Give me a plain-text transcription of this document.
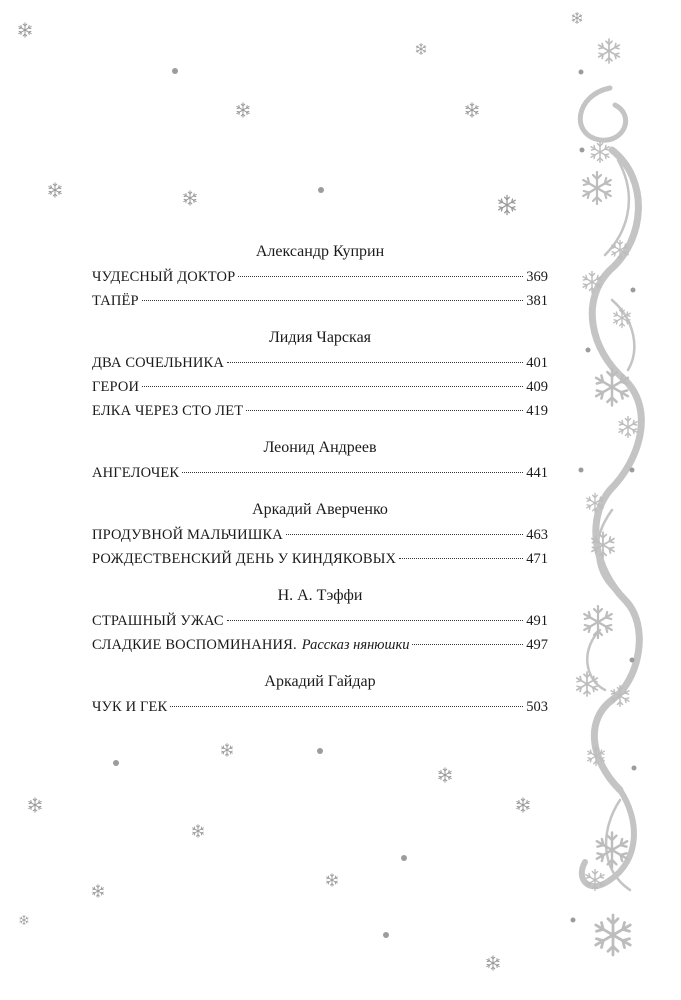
Александр Куприн
ЧУДЕСНЫЙ ДОКТОР	369
ТАПЁР	381
Лидия Чарская
ДВА СОЧЕЛЬНИКА	401
ГЕРОИ	409
ЕЛКА ЧЕРЕЗ СТО ЛЕТ	419
Леонид Андреев
АНГЕЛОЧЕК	441
Аркадий Аверченко
ПРОДУВНОЙ МАЛЬЧИШКА	463
РОЖДЕСТВЕНСКИЙ ДЕНЬ У КИНДЯКОВЫХ	471
Н. А. Тэффи
СТРАШНЫЙ УЖАС	491
СЛАДКИЕ ВОСПОМИНАНИЯ. Рассказ нянюшки	497
Аркадий Гайдар
ЧУК И ГЕК	503
